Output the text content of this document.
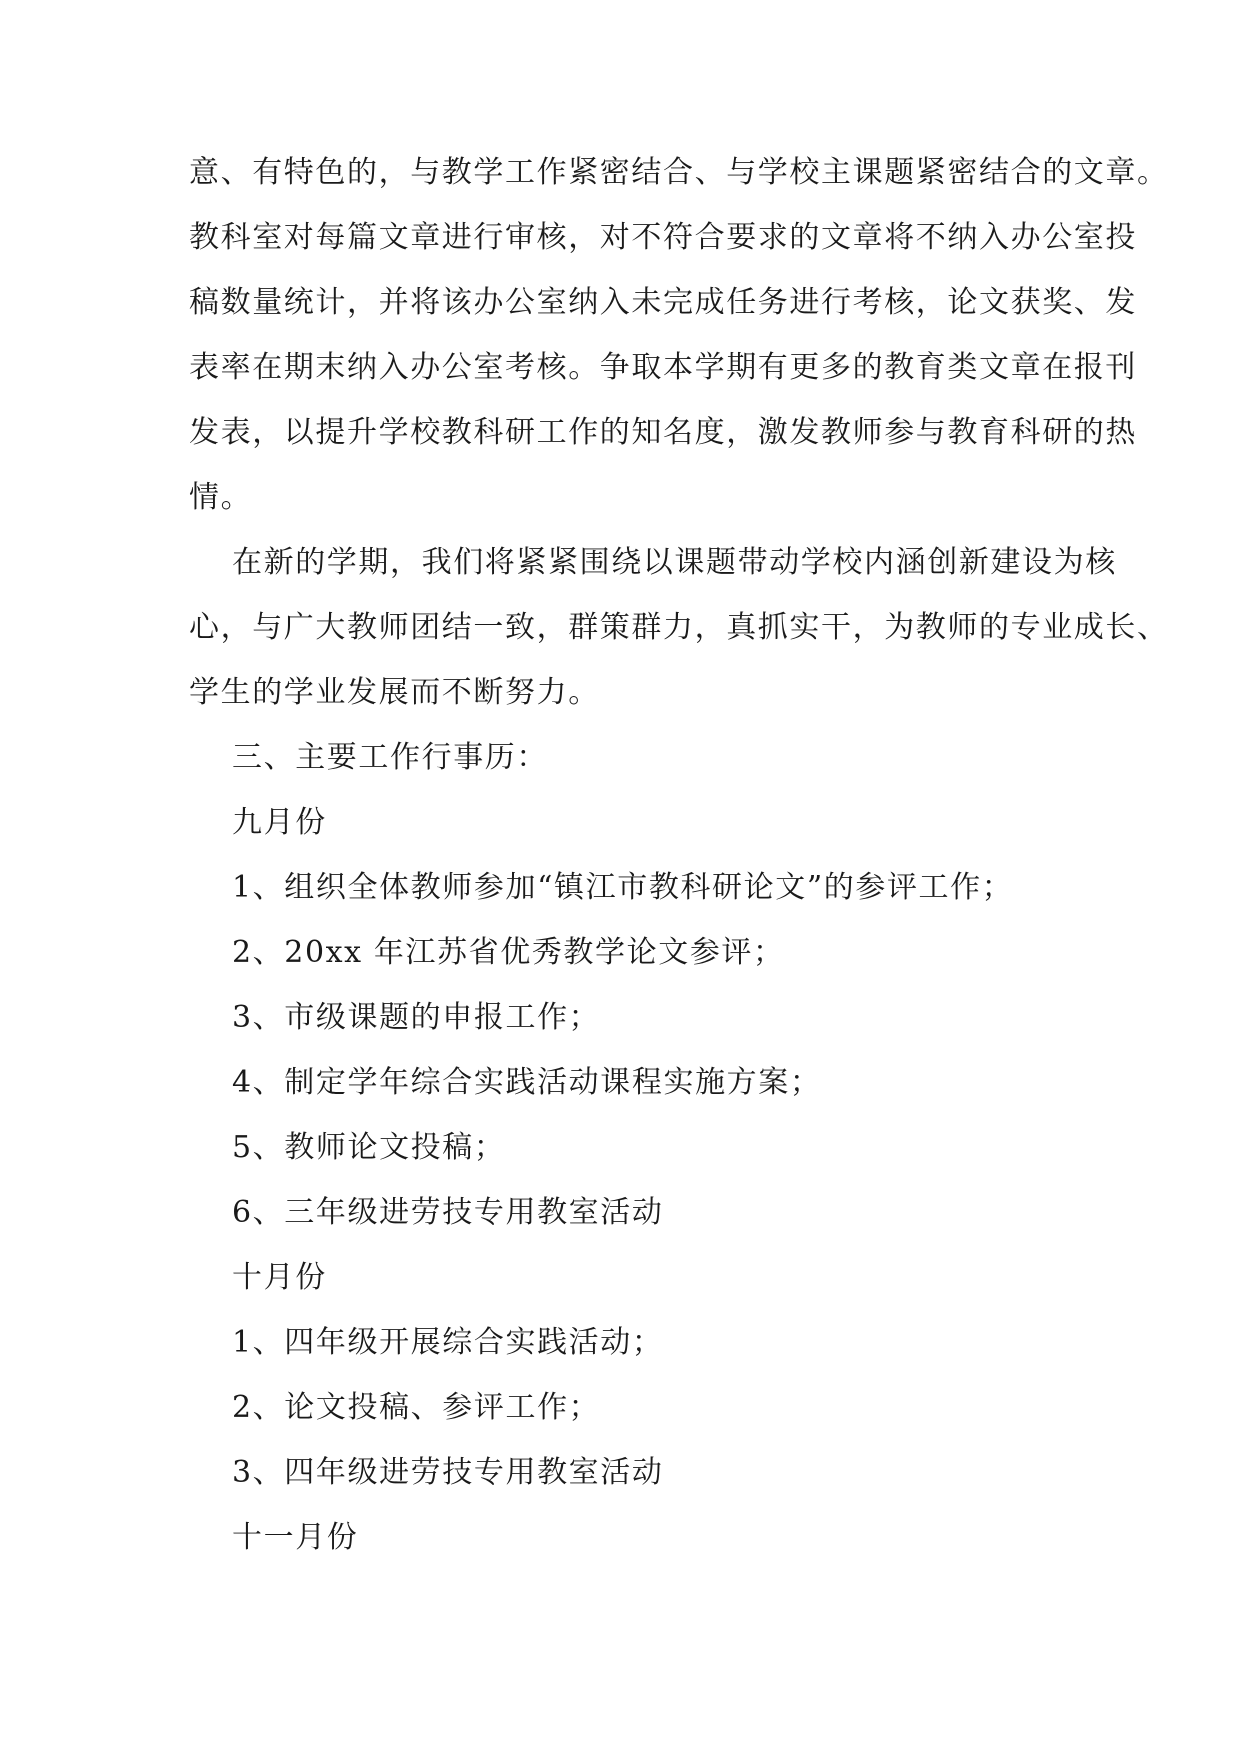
意、有特色的，与教学工作紧密结合、与学校主课题紧密结合的文章。
教科室对每篇文章进行审核，对不符合要求的文章将不纳入办公室投
稿数量统计，并将该办公室纳入未完成任务进行考核，论文获奖、发
表率在期末纳入办公室考核。争取本学期有更多的教育类文章在报刊
发表，以提升学校教科研工作的知名度，激发教师参与教育科研的热
情。
在新的学期，我们将紧紧围绕以课题带动学校内涵创新建设为核
心，与广大教师团结一致，群策群力，真抓实干，为教师的专业成长、
学生的学业发展而不断努力。
三、主要工作行事历：
九月份
1、组织全体教师参加“镇江市教科研论文”的参评工作；
2、20xx 年江苏省优秀教学论文参评；
3、市级课题的申报工作；
4、制定学年综合实践活动课程实施方案；
5、教师论文投稿；
6、三年级进劳技专用教室活动
十月份
1、四年级开展综合实践活动；
2、论文投稿、参评工作；
3、四年级进劳技专用教室活动
十一月份
